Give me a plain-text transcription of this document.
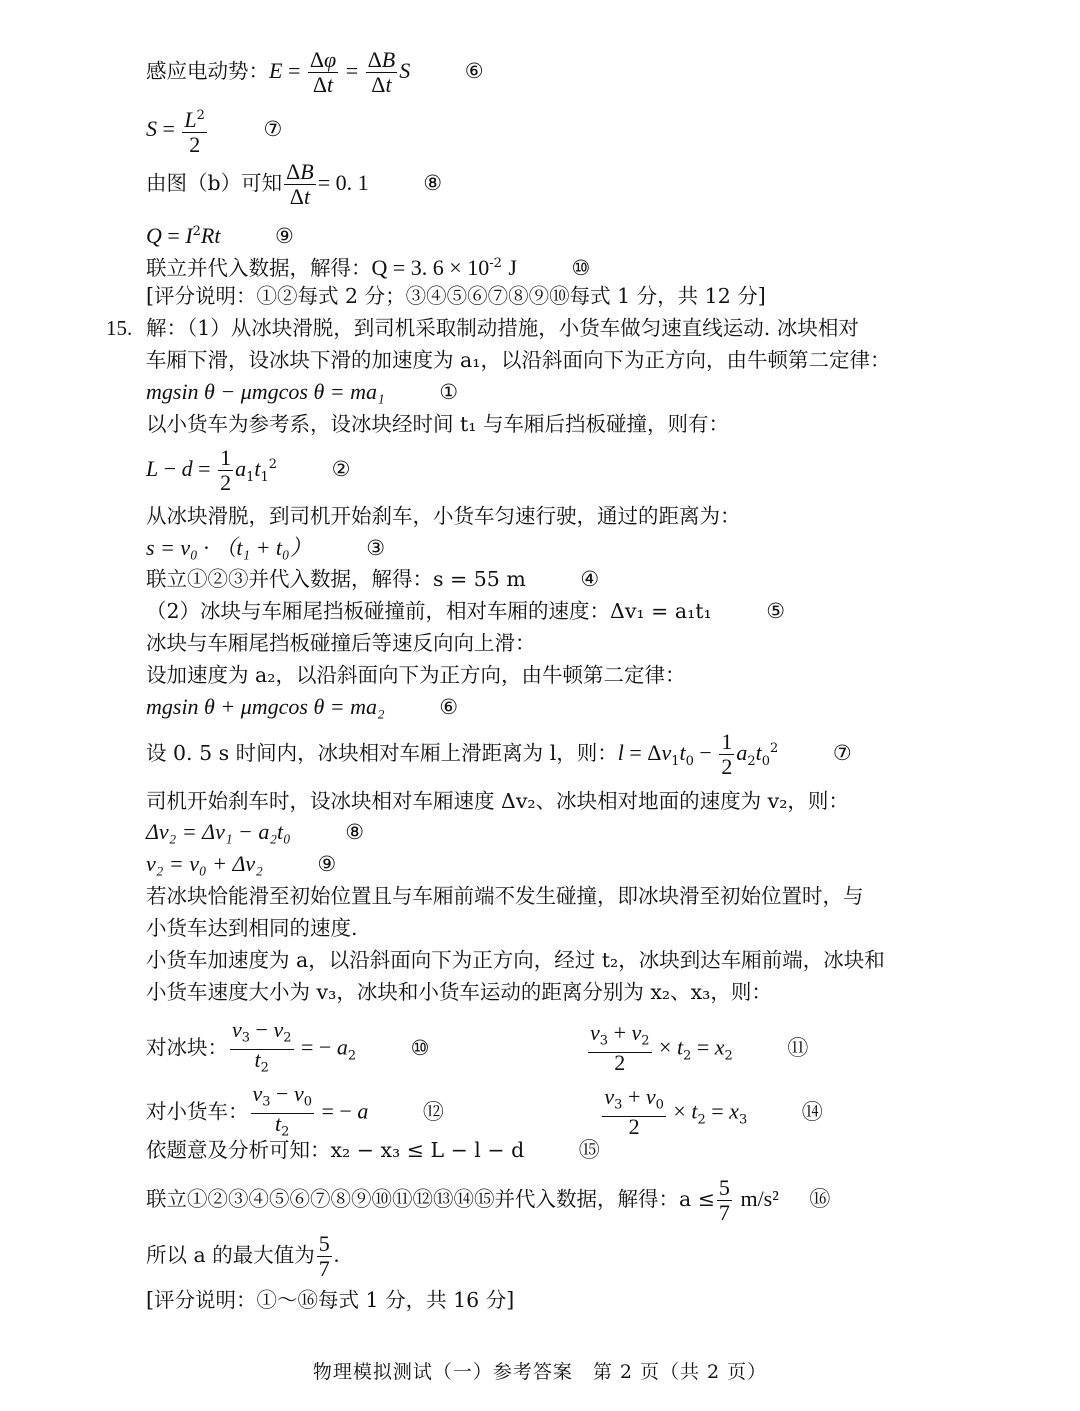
感应电动势：$E = \frac{\Delta\varphi}{\Delta t} = \frac{\Delta B}{\Delta t}$ S	⑥
$S = \frac{L^2}{2}$	⑦
由图（b）可知 $\frac{\Delta B}{\Delta t} = 0$. 1	⑧
$Q = I^2Rt$	⑨
联立并代入数据，解得：Q = 3. $6 \times 10^{-2}$ J	⑩
[评分说明：①②每式 2 分；③④⑤⑥⑦⑧⑨⑩每式 1 分，共 12 分]
15. 解：（1）从冰块滑脱，到司机采取制动措施，小货车做匀速直线运动. 冰块相对
车厢下滑，设冰块下滑的加速度为 a₁，以沿斜面向下为正方向，由牛顿第二定律：
mgsin θ − μmgcos θ = ma₁	①
以小货车为参考系，设冰块经时间 t₁ 与车厢后挡板碰撞，则有：
$L - d = \frac{1}{2} a_1t_1^2$	②
从冰块滑脱，到司机开始刹车，小货车匀速行驶，通过的距离为：
s = v₀ · （t₁ + t₀）	③
联立①②③并代入数据，解得：s = 55 m	④
（2）冰块与车厢尾挡板碰撞前，相对车厢的速度：Δv₁ = a₁t₁	⑤
冰块与车厢尾挡板碰撞后等速反向向上滑：
设加速度为 a₂，以沿斜面向下为正方向，由牛顿第二定律：
mgsin θ + μmgcos θ = ma₂	⑥
设 0. 5 s 时间内，冰块相对车厢上滑距离为 l，则：$l = \Delta v_1t_0 - \frac{1}{2} a_2t_0^2$	⑦
司机开始刹车时，设冰块相对车厢速度 Δv₂、冰块相对地面的速度为 v₂，则：
Δv₂ = Δv₁ − a₂t₀	⑧
v₂ = v₀ + Δv₂	⑨
若冰块恰能滑至初始位置且与车厢前端不发生碰撞，即冰块滑至初始位置时，与
小货车达到相同的速度.
小货车加速度为 a，以沿斜面向下为正方向，经过 t₂，冰块到达车厢前端，冰块和
小货车速度大小为 v₃，冰块和小货车运动的距离分别为 x₂、x₃，则：
对冰块： $\frac{v_3 - v_2}{t_2}$ = − $a_2$	⑩	$\frac{v_3 + v_2}{2} \times t_2 = x_2$	⑪
对小货车： $\frac{v_3 - v_0}{t_2}$ = − a	⑫	$\frac{v_3 + v_0}{2} \times t_2 = x_3$	⑭
依题意及分析可知：x₂ − x₃ ≤ L − l − d	⑮
联立①②③④⑤⑥⑦⑧⑨⑩⑪⑫⑬⑭⑮并代入数据，解得：$a \le \frac{5}{7} m/s^2$ ⑯
所以 a 的最大值为 $\frac{5}{7}$ .
[评分说明：①～⑯每式 1 分，共 16 分]
物理模拟测试（一）参考答案　第 2 页（共 2 页）
